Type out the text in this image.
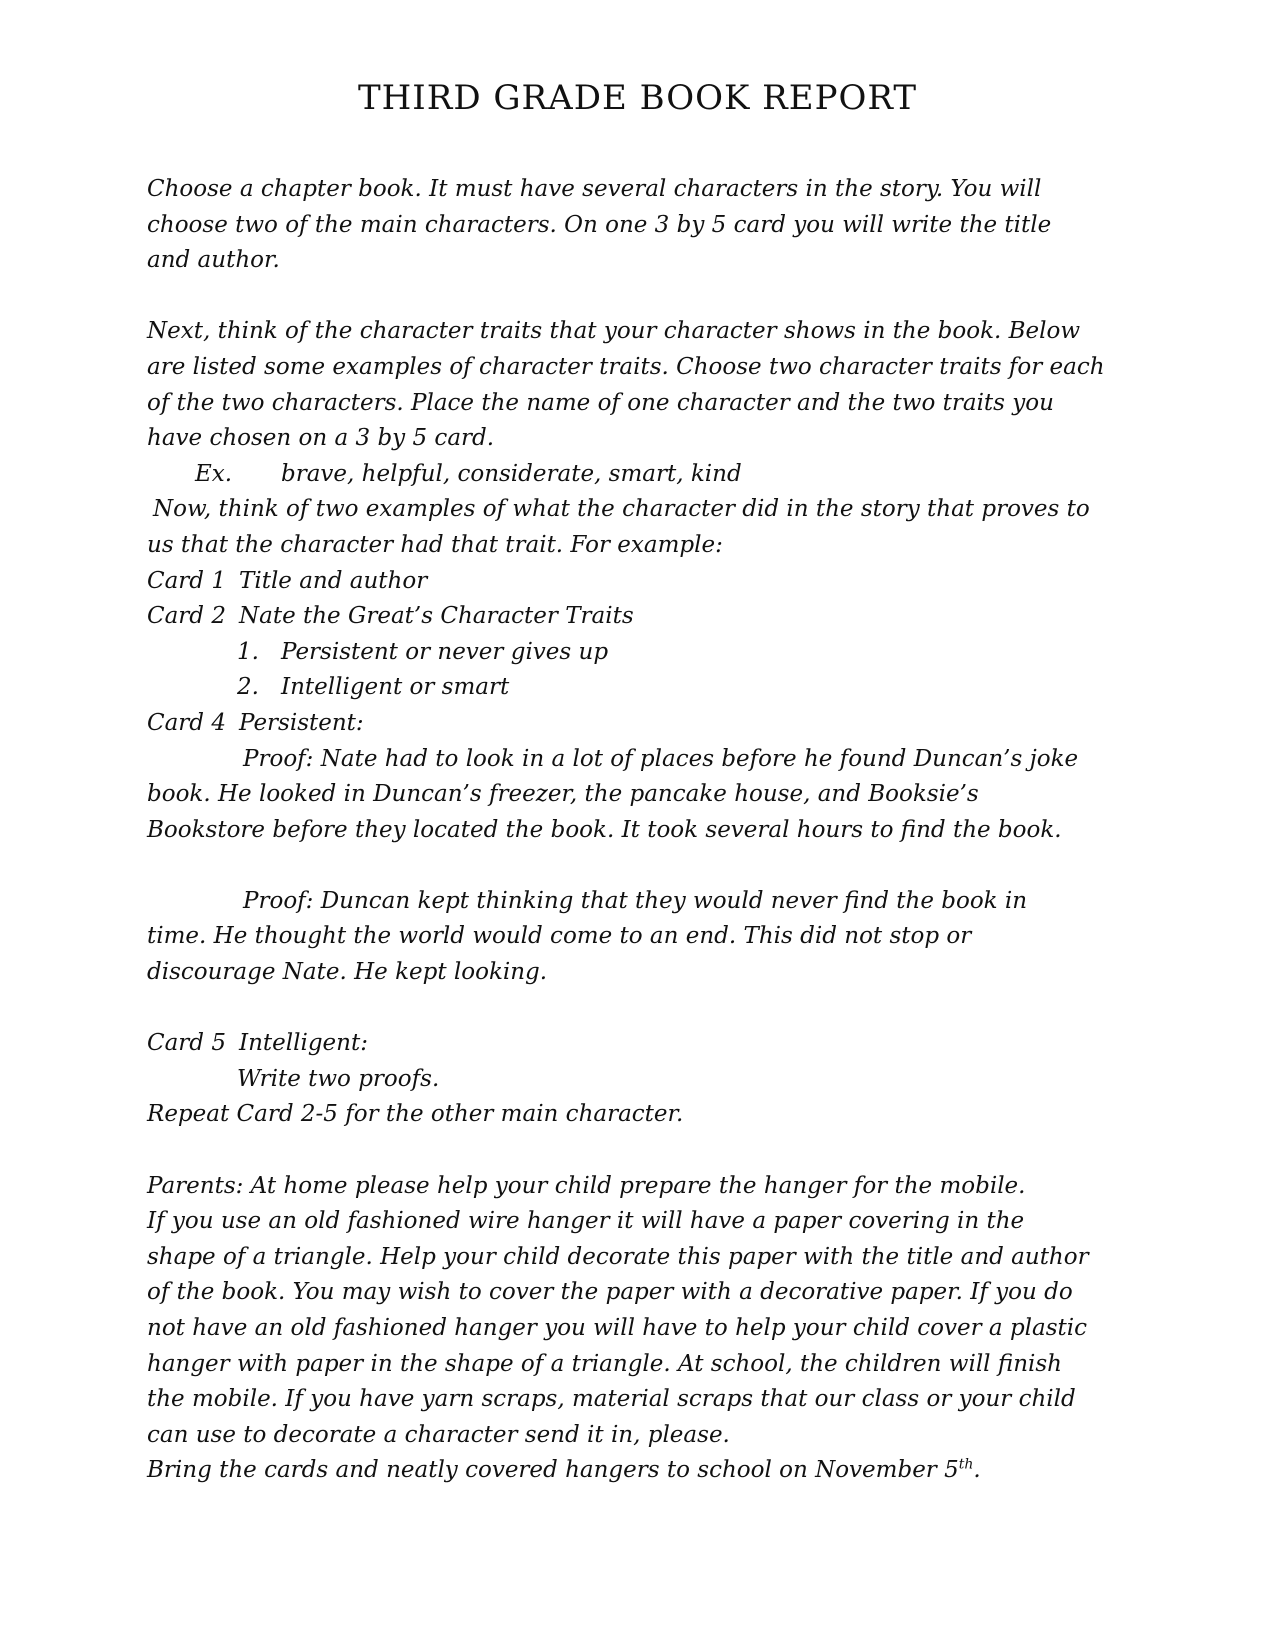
THIRD GRADE BOOK REPORT
Choose a chapter book. It must have several characters in the story. You will
choose two of the main characters. On one 3 by 5 card you will write the title
and author.
Next, think of the character traits that your character shows in the book. Below
are listed some examples of character traits. Choose two character traits for each
of the two characters. Place the name of one character and the two traits you
have chosen on a 3 by 5 card.
Ex. brave, helpful, considerate, smart, kind
Now, think of two examples of what the character did in the story that proves to
us that the character had that trait. For example:
Card 1 Title and author
Card 2 Nate the Great’s Character Traits
1. Persistent or never gives up
2. Intelligent or smart
Card 4 Persistent:
Proof: Nate had to look in a lot of places before he found Duncan’s joke
book. He looked in Duncan’s freezer, the pancake house, and Booksie’s
Bookstore before they located the book. It took several hours to find the book.
Proof: Duncan kept thinking that they would never find the book in
time. He thought the world would come to an end. This did not stop or
discourage Nate. He kept looking.
Card 5 Intelligent:
Write two proofs.
Repeat Card 2-5 for the other main character.
Parents: At home please help your child prepare the hanger for the mobile.
If you use an old fashioned wire hanger it will have a paper covering in the
shape of a triangle. Help your child decorate this paper with the title and author
of the book. You may wish to cover the paper with a decorative paper. If you do
not have an old fashioned hanger you will have to help your child cover a plastic
hanger with paper in the shape of a triangle. At school, the children will finish
the mobile. If you have yarn scraps, material scraps that our class or your child
can use to decorate a character send it in, please.
Bring the cards and neatly covered hangers to school on November 5th.
